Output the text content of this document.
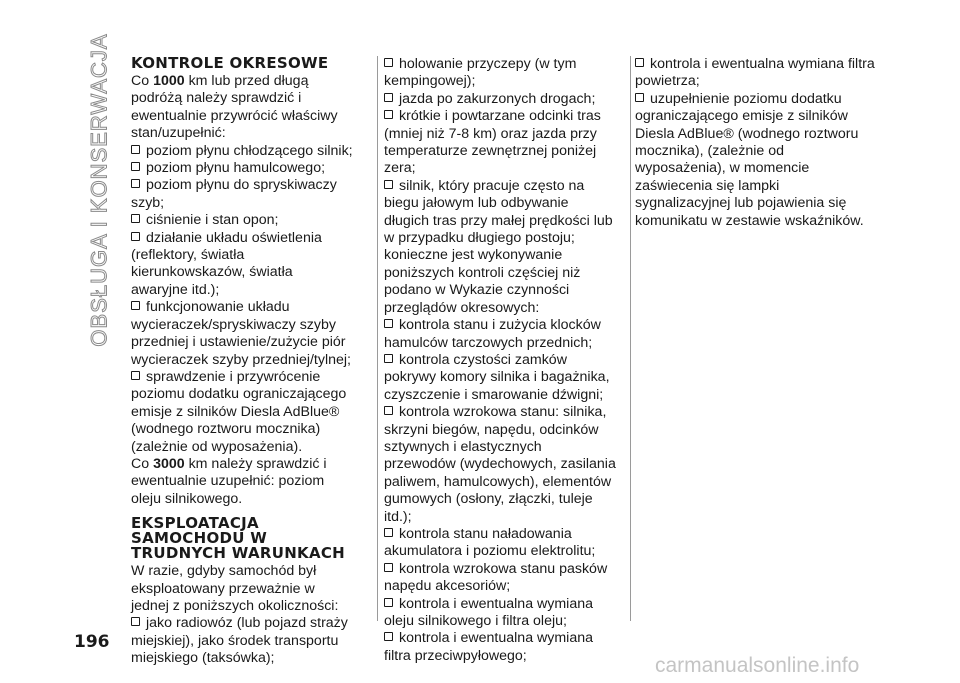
OBSŁUGA I KONSERWACJA KONTROLE OKRESOWE

Co 1000 km lub przed długą podróżą należy sprawdzić i ewentualnie przywrócić właściwy stan/uzupełnić:

poziom płynu chłodzącego silnik;

poziom płynu hamulcowego;

poziom płynu do spryskiwaczy szyb;

ciśnienie i stan opon;

działanie układu oświetlenia (reflektory, światła kierunkowskazów, światła awaryjne itd.);

funkcjonowanie układu wycieraczek/spryskiwaczy szyby przedniej i ustawienie/zużycie piór wycieraczek szyby przedniej/tylnej;

sprawdzenie i przywrócenie poziomu dodatku ograniczającego emisje z silników Diesla AdBlue® (wodnego roztworu mocznika) (zależnie od wyposażenia).

Co 3000 km należy sprawdzić i ewentualnie uzupełnić: poziom oleju silnikowego.

EKSPLOATACJA
SAMOCHODU W
TRUDNYCH WARUNKACH

W razie, gdyby samochód był eksploatowany przeważnie w jednej z poniższych okoliczności:

jako radiowóz (lub pojazd straży miejskiej), jako środek transportu miejskiego (taksówka);

holowanie przyczepy (w tym kempingowej);

jazda po zakurzonych drogach;

krótkie i powtarzane odcinki tras (mniej niż 7-8 km) oraz jazda przy temperaturze zewnętrznej poniżej zera;

silnik, który pracuje często na biegu jałowym lub odbywanie długich tras przy małej prędkości lub w przypadku długiego postoju;

konieczne jest wykonywanie poniższych kontroli częściej niż podano w Wykazie czynności przeglądów okresowych:

kontrola stanu i zużycia klocków hamulców tarczowych przednich;

kontrola czystości zamków pokrywy komory silnika i bagażnika, czyszczenie i smarowanie dźwigni;

kontrola wzrokowa stanu: silnika, skrzyni biegów, napędu, odcinków sztywnych i elastycznych przewodów (wydechowych, zasilania paliwem, hamulcowych), elementów gumowych (osłony, złączki, tuleje itd.);

kontrola stanu naładowania akumulatora i poziomu elektrolitu;

kontrola wzrokowa stanu pasków napędu akcesoriów;

kontrola i ewentualna wymiana oleju silnikowego i filtra oleju;

kontrola i ewentualna wymiana filtra przeciwpyłowego;

kontrola i ewentualna wymiana filtra powietrza;

uzupełnienie poziomu dodatku ograniczającego emisje z silników Diesla AdBlue® (wodnego roztworu mocznika), (zależnie od wyposażenia), w momencie zaświecenia się lampki sygnalizacyjnej lub pojawienia się komunikatu w zestawie wskaźników.

196
carmanualsonline.info
